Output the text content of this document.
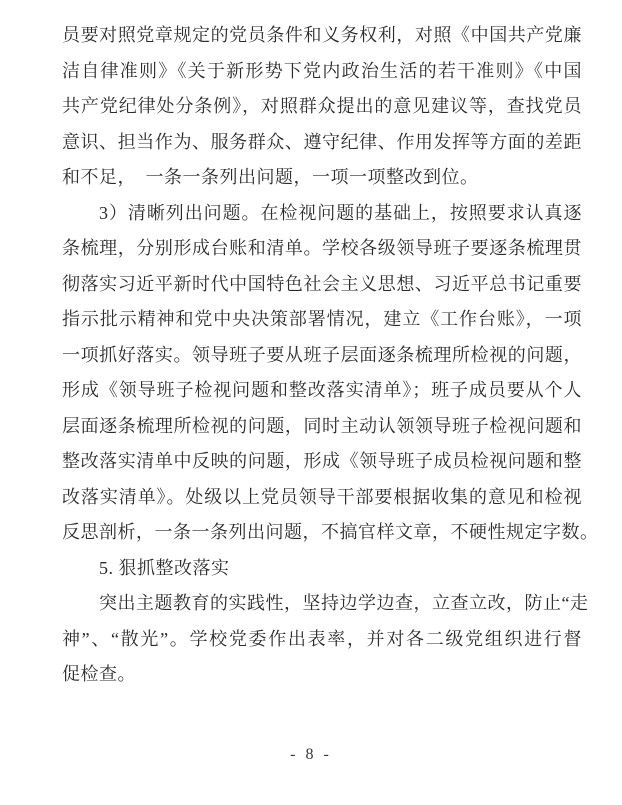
员要对照党章规定的党员条件和义务权利，对照《中国共产党廉
洁自律准则》《关于新形势下党内政治生活的若干准则》《中国
共产党纪律处分条例》，对照群众提出的意见建议等，查找党员
意识、担当作为、服务群众、遵守纪律、作用发挥等方面的差距
和不足，　一条一条列出问题，一项一项整改到位。
3）清晰列出问题。在检视问题的基础上，按照要求认真逐
条梳理，分别形成台账和清单。学校各级领导班子要逐条梳理贯
彻落实习近平新时代中国特色社会主义思想、习近平总书记重要
指示批示精神和党中央决策部署情况，建立《工作台账》，一项
一项抓好落实。领导班子要从班子层面逐条梳理所检视的问题，
形成《领导班子检视问题和整改落实清单》；班子成员要从个人
层面逐条梳理所检视的问题，同时主动认领领导班子检视问题和
整改落实清单中反映的问题，形成《领导班子成员检视问题和整
改落实清单》。处级以上党员领导干部要根据收集的意见和检视
反思剖析，一条一条列出问题，不搞官样文章，不硬性规定字数。
5. 狠抓整改落实
突出主题教育的实践性，坚持边学边查，立查立改，防止“走
神”、“散光”。学校党委作出表率，并对各二级党组织进行督
促检查。
- 8 -
